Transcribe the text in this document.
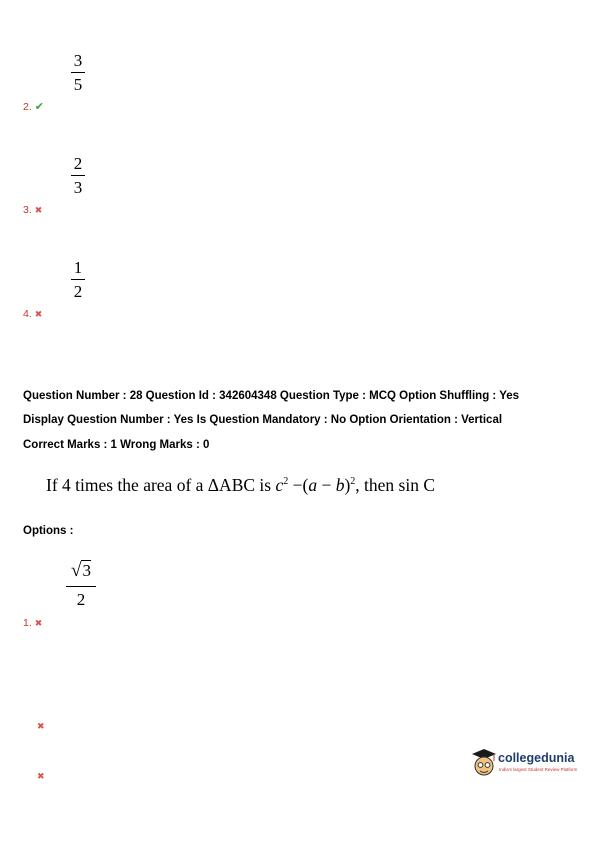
3
5
2. ✔
2
3
3. ✖
1
2
4. ✖
Question Number : 28 Question Id : 342604348 Question Type : MCQ Option Shuffling : Yes
Display Question Number : Yes Is Question Mandatory : No Option Orientation : Vertical
Correct Marks : 1 Wrong Marks : 0
If 4 times the area of a ΔABC is $c^2 -(a - b)^2$, then sin C
Options :
√3
2
1. ✖
✖
✖
collegedunia
India's largest Student Review Platform
